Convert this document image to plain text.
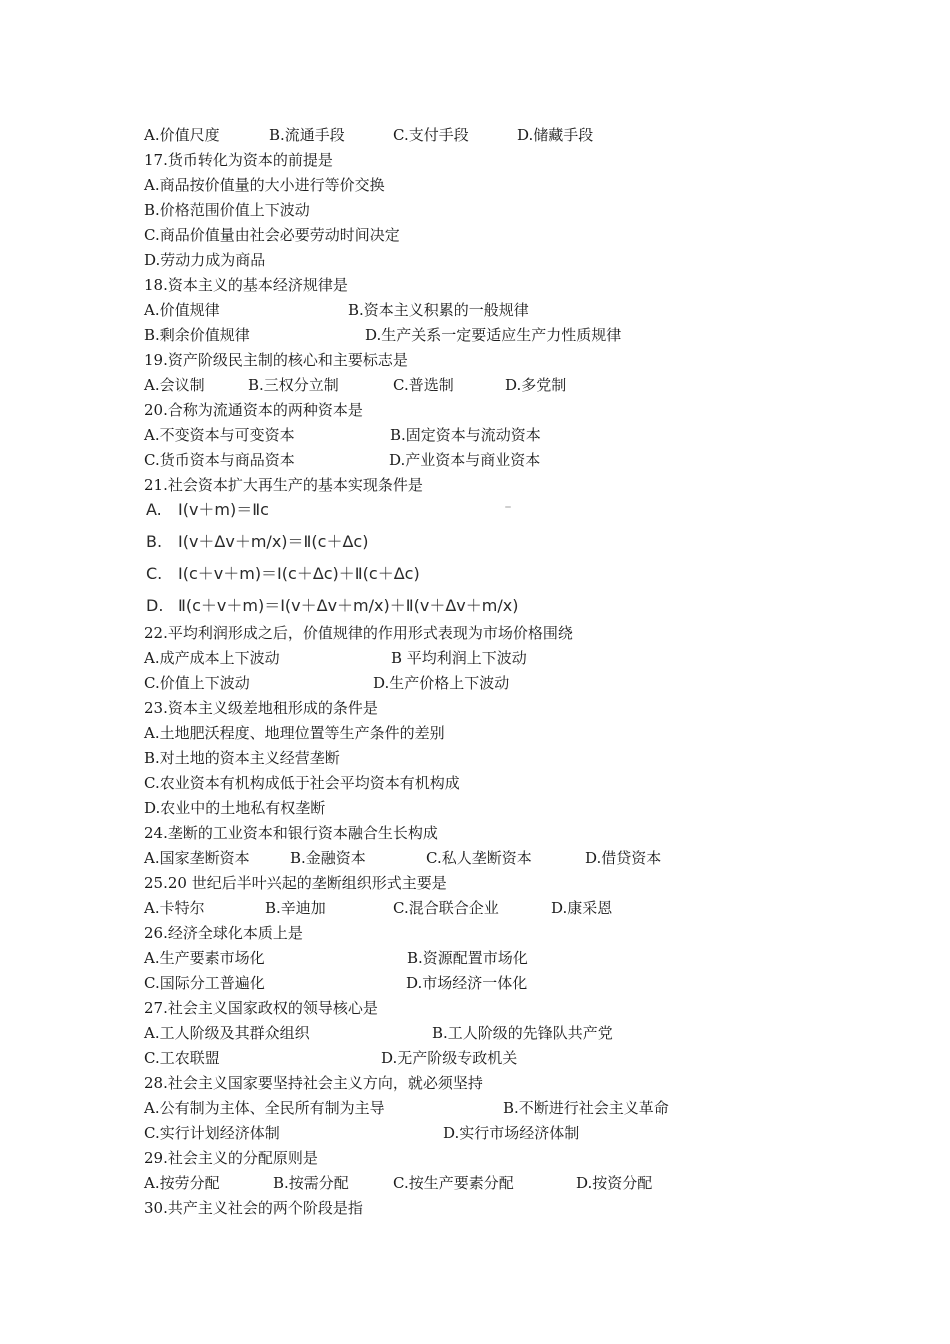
A.价值尺度	B.流通手段	C.支付手段	D.储藏手段
17.货币转化为资本的前提是
A.商品按价值量的大小进行等价交换
B.价格范围价值上下波动
C.商品价值量由社会必要劳动时间决定
D.劳动力成为商品
18.资本主义的基本经济规律是
A.价值规律	B.资本主义积累的一般规律
B.剩余价值规律	D.生产关系一定要适应生产力性质规律
19.资产阶级民主制的核心和主要标志是
A.会议制	B.三权分立制	C.普选制	D.多党制
20.合称为流通资本的两种资本是
A.不变资本与可变资本	B.固定资本与流动资本
C.货币资本与商品资本	D.产业资本与商业资本
21.社会资本扩大再生产的基本实现条件是
A. Ⅰ(v＋m)＝Ⅱc
B. Ⅰ(v＋Δv＋m/x)＝Ⅱ(c＋Δc)
C. Ⅰ(c＋v＋m)＝Ⅰ(c＋Δc)＋Ⅱ(c＋Δc)
D. Ⅱ(c＋v＋m)＝Ⅰ(v＋Δv＋m/x)＋Ⅱ(v＋Δv＋m/x)
22.平均利润形成之后，价值规律的作用形式表现为市场价格围绕
A.成产成本上下波动	B 平均利润上下波动
C.价值上下波动	D.生产价格上下波动
23.资本主义级差地租形成的条件是
A.土地肥沃程度、地理位置等生产条件的差别
B.对土地的资本主义经营垄断
C.农业资本有机构成低于社会平均资本有机构成
D.农业中的土地私有权垄断
24.垄断的工业资本和银行资本融合生长构成
A.国家垄断资本	B.金融资本	C.私人垄断资本	D.借贷资本
25.20 世纪后半叶兴起的垄断组织形式主要是
A.卡特尔	B.辛迪加	C.混合联合企业	D.康采恩
26.经济全球化本质上是
A.生产要素市场化	B.资源配置市场化
C.国际分工普遍化	D.市场经济一体化
27.社会主义国家政权的领导核心是
A.工人阶级及其群众组织	B.工人阶级的先锋队共产党
C.工农联盟	D.无产阶级专政机关
28.社会主义国家要坚持社会主义方向，就必须坚持
A.公有制为主体、全民所有制为主导	B.不断进行社会主义革命
C.实行计划经济体制	D.实行市场经济体制
29.社会主义的分配原则是
A.按劳分配	B.按需分配	C.按生产要素分配	D.按资分配
30.共产主义社会的两个阶段是指
